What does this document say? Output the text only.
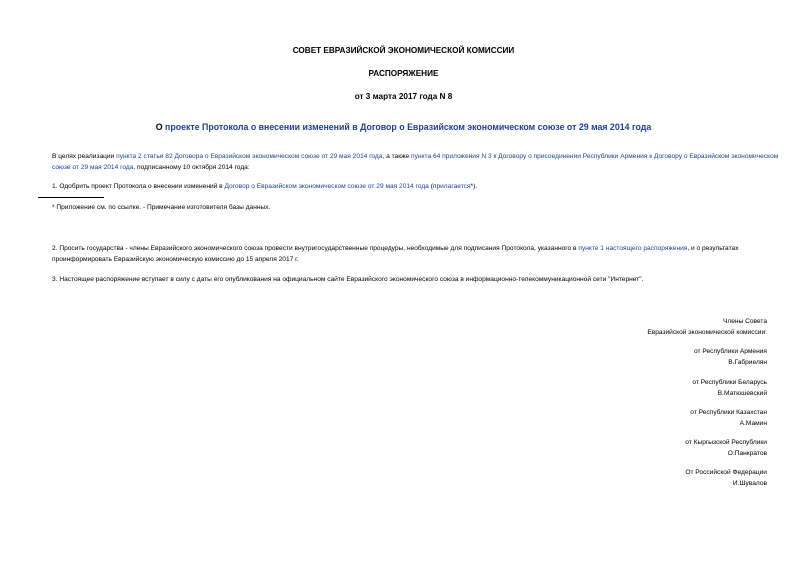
СОВЕТ ЕВРАЗИЙСКОЙ ЭКОНОМИЧЕСКОЙ КОМИССИИ
РАСПОРЯЖЕНИЕ
от 3 марта 2017 года N 8
О проекте Протокола о внесении изменений в Договор о Евразийском экономическом союзе от 29 мая 2014 года
В целях реализации пункта 2 статьи 82 Договора о Евразийском экономическом союзе от 29 мая 2014 года, а также пункта 64 приложения N 3 к Договору о присоединении Республики Армения к Договору о Евразийском экономическом союзе от 29 мая 2014 года, подписанному 10 октября 2014 года:
1. Одобрить проект Протокола о внесении изменений в Договор о Евразийском экономическом союзе от 29 мая 2014 года (прилагается*).
* Приложение см. по ссылке. - Примечание изготовителя базы данных.
2. Просить государства - члены Евразийского экономического союза провести внутригосударственные процедуры, необходимые для подписания Протокола, указанного в пункте 1 настоящего распоряжения, и о результатах проинформировать Евразийскую экономическую комиссию до 15 апреля 2017 г.
3. Настоящее распоряжение вступает в силу с даты его опубликования на официальном сайте Евразийского экономического союза в информационно-телекоммуникационной сети "Интернет".
Члены Совета
Евразийской экономической комиссии:
от Республики Армения
В.Габриелян
от Республики Беларусь
В.Матюшевский
от Республики Казахстан
А.Мамин
от Кыргызской Республики
О.Панкратов
От Российской Федерации
И.Шувалов
